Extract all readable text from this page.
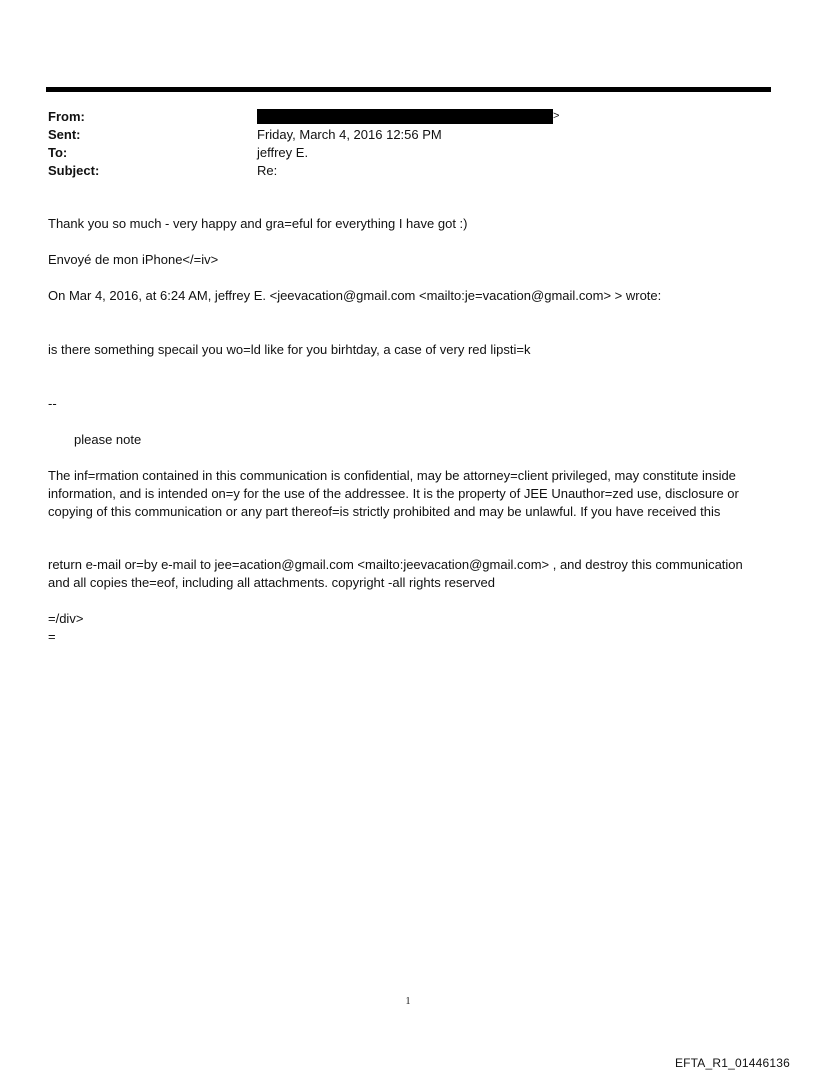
From:	>
Sent:	Friday, March 4, 2016 12:56 PM
To:	jeffrey E.
Subject:	Re:

Thank you so much - very happy and gra=eful for everything I have got :)

Envoyé de mon iPhone</=iv>

On Mar 4, 2016, at 6:24 AM, jeffrey E. <jeevacation@gmail.com <mailto:je=vacation@gmail.com> > wrote:

is there something specail you wo=ld like for you birhtday, a case of very red lipsti=k

--

please note

The inf=rmation contained in this communication is confidential, may be attorney=client privileged, may constitute inside information, and is intended on=y for the use of the addressee. It is the property of JEE Unauthor=zed use, disclosure or copying of this communication or any part thereof=is strictly prohibited and may be unlawful. If you have received this

return e-mail or=by e-mail to jee=acation@gmail.com <mailto:jeevacation@gmail.com> , and destroy this communication and all copies the=eof, including all attachments. copyright -all rights reserved

=/div>

=

1
EFTA_R1_01446136
